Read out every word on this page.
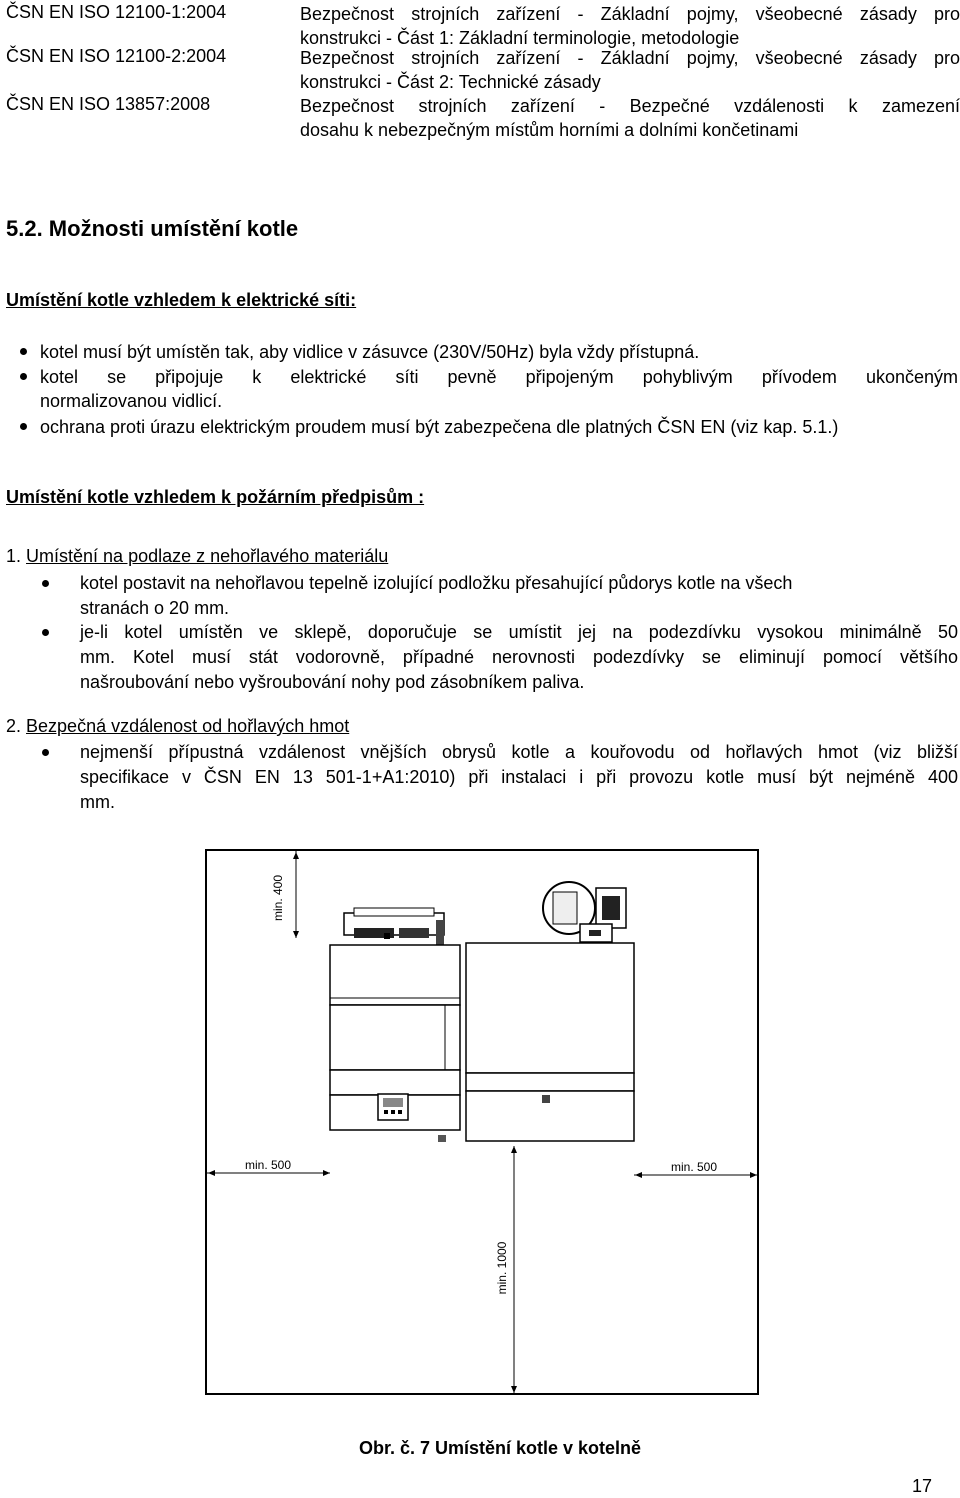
ČSN EN ISO 12100-1:2004	Bezpečnost strojních zařízení - Základní pojmy, všeobecné zásady pro
konstrukci - Část 1: Základní terminologie, metodologie
ČSN EN ISO 12100-2:2004	Bezpečnost strojních zařízení - Základní pojmy, všeobecné zásady pro
konstrukci - Část 2: Technické zásady
ČSN EN ISO 13857:2008	Bezpečnost strojních zařízení - Bezpečné vzdálenosti k zamezení
dosahu k nebezpečným místům horními a dolními končetinami
5.2. Možnosti umístění kotle
Umístění kotle vzhledem k elektrické síti:
kotel musí být umístěn tak, aby vidlice v zásuvce (230V/50Hz) byla vždy přístupná.
kotel se připojuje k elektrické síti pevně připojeným pohyblivým přívodem ukončeným
normalizovanou vidlicí.
ochrana proti úrazu elektrickým proudem musí být zabezpečena dle platných ČSN EN (viz kap. 5.1.)
Umístění kotle vzhledem k požárním předpisům :
1. Umístění na podlaze z nehořlavého materiálu
kotel postavit na nehořlavou tepelně izolující podložku přesahující půdorys kotle na všech
stranách o 20 mm.
je-li kotel umístěn ve sklepě, doporučuje se umístit jej na podezdívku vysokou minimálně 50
mm. Kotel musí stát vodorovně, případné nerovnosti podezdívky se eliminují pomocí většího
našroubování nebo vyšroubování nohy pod zásobníkem paliva.
2. Bezpečná vzdálenost od hořlavých hmot
nejmenší přípustná vzdálenost vnějších obrysů kotle a kouřovodu od hořlavých hmot (viz bližší
specifikace v ČSN EN 13 501-1+A1:2010) při instalaci i při provozu kotle musí být nejméně 400
mm.
min. 400
min. 500	min. 500
min. 1000
Obr. č. 7 Umístění kotle v kotelně
17
